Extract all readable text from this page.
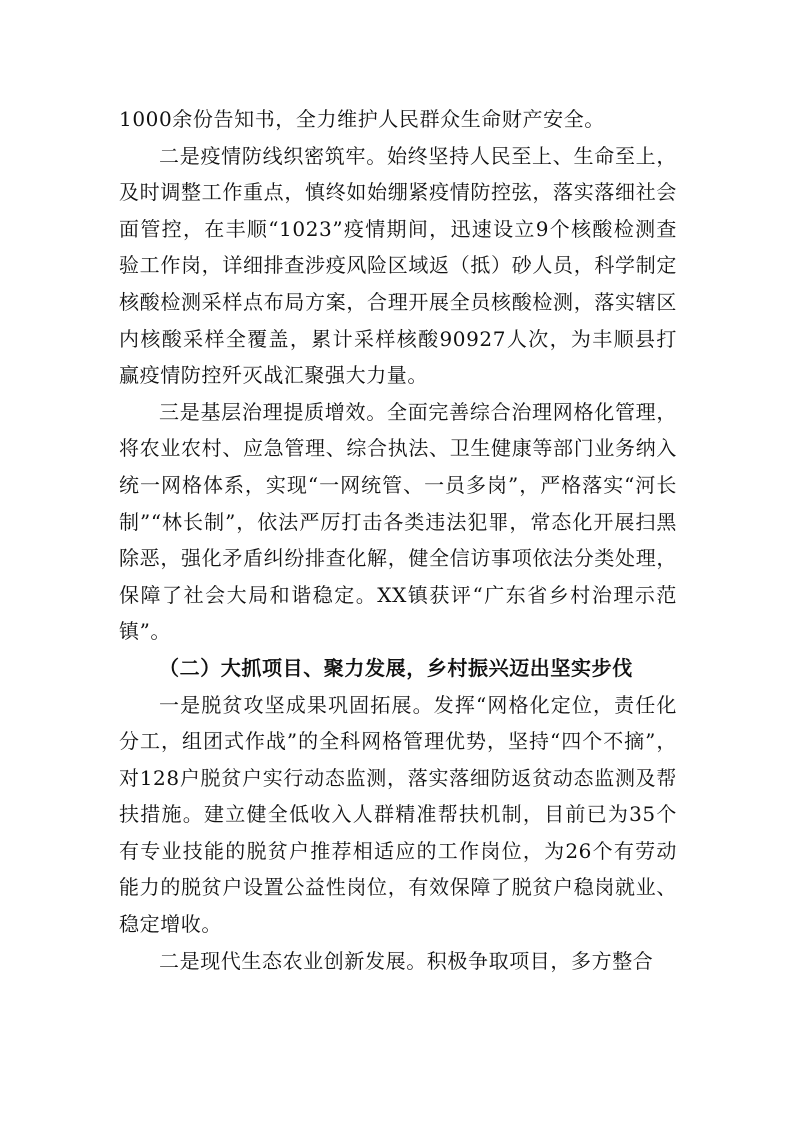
1000余份告知书，全力维护人民群众生命财产安全。

二是疫情防线织密筑牢。始终坚持人民至上、生命至上，及时调整工作重点，慎终如始绷紧疫情防控弦，落实落细社会面管控，在丰顺“1023”疫情期间，迅速设立9个核酸检测查验工作岗，详细排查涉疫风险区域返（抵）砂人员，科学制定核酸检测采样点布局方案，合理开展全员核酸检测，落实辖区内核酸采样全覆盖，累计采样核酸90927人次，为丰顺县打赢疫情防控歼灭战汇聚强大力量。

三是基层治理提质增效。全面完善综合治理网格化管理，将农业农村、应急管理、综合执法、卫生健康等部门业务纳入统一网格体系，实现“一网统管、一员多岗”，严格落实“河长制”“林长制”，依法严厉打击各类违法犯罪，常态化开展扫黑除恶，强化矛盾纠纷排查化解，健全信访事项依法分类处理，保障了社会大局和谐稳定。XX镇获评“广东省乡村治理示范镇”。

（二）大抓项目、聚力发展，乡村振兴迈出坚实步伐

一是脱贫攻坚成果巩固拓展。发挥“网格化定位，责任化分工，组团式作战”的全科网格管理优势，坚持“四个不摘”，对128户脱贫户实行动态监测，落实落细防返贫动态监测及帮扶措施。建立健全低收入人群精准帮扶机制，目前已为35个有专业技能的脱贫户推荐相适应的工作岗位，为26个有劳动能力的脱贫户设置公益性岗位，有效保障了脱贫户稳岗就业、稳定增收。

二是现代生态农业创新发展。积极争取项目，多方整合
